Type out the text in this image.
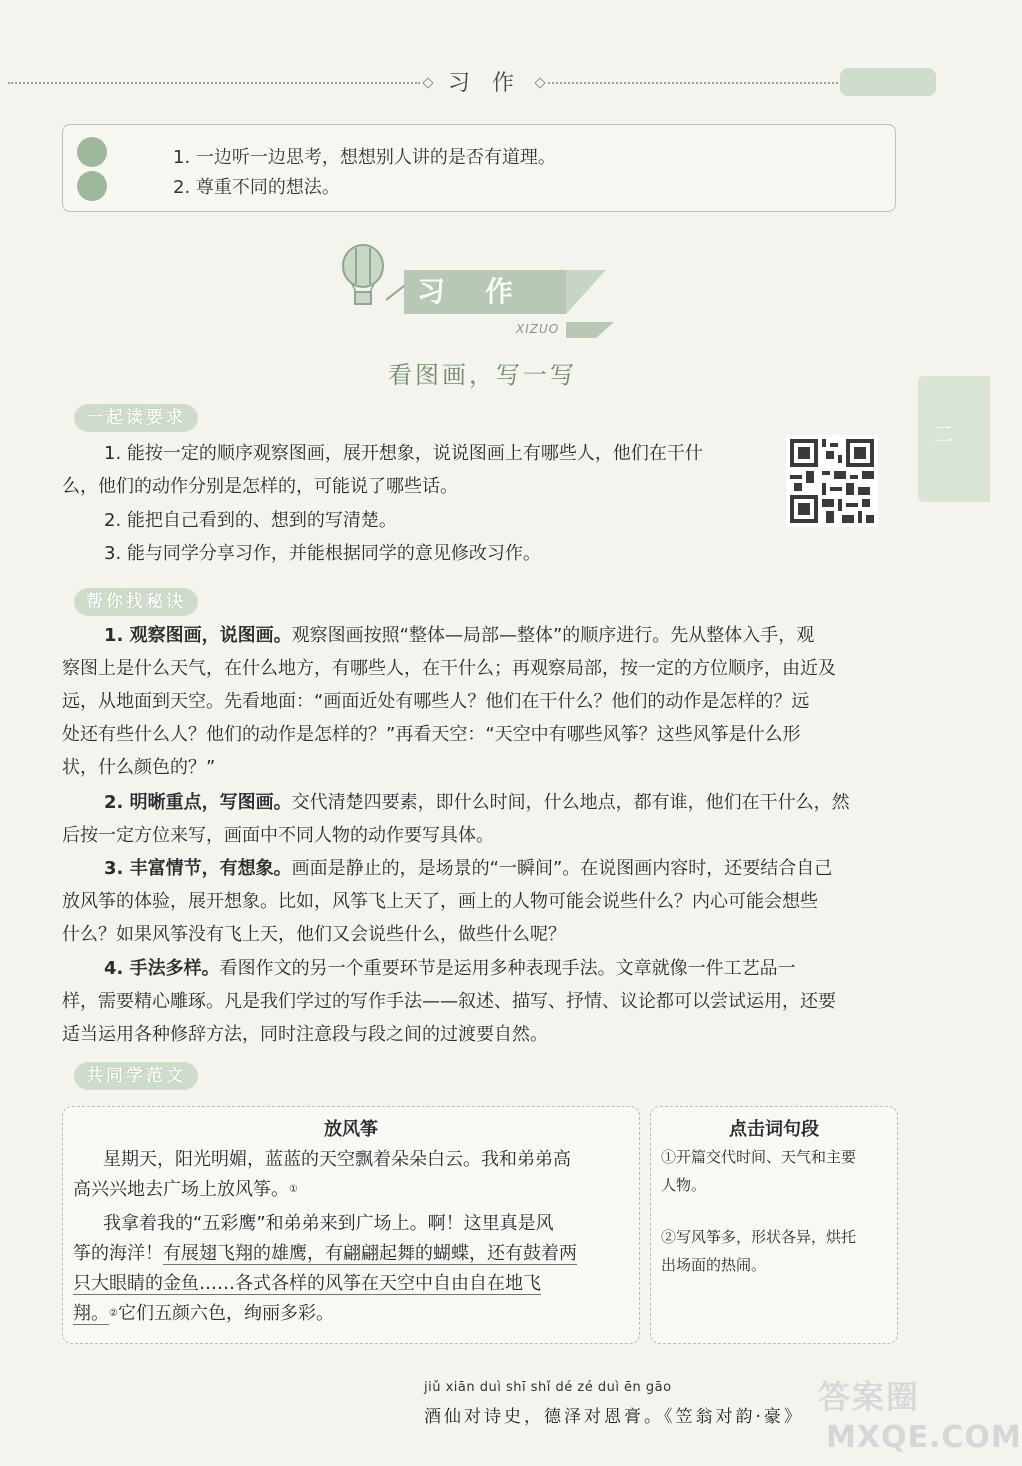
习作
1. 一边听一边思考，想想别人讲的是否有道理。
2. 尊重不同的想法。
习作
XIZUO
看图画，写一写
二
一起读要求
1. 能按一定的顺序观察图画，展开想象，说说图画上有哪些人，他们在干什
么，他们的动作分别是怎样的，可能说了哪些话。
2. 能把自己看到的、想到的写清楚。
3. 能与同学分享习作，并能根据同学的意见修改习作。
帮你找秘诀
1. 观察图画，说图画。观察图画按照“整体—局部—整体”的顺序进行。先从整体入手，观
察图上是什么天气，在什么地方，有哪些人，在干什么；再观察局部，按一定的方位顺序，由近及
远，从地面到天空。先看地面：“画面近处有哪些人？他们在干什么？他们的动作是怎样的？远
处还有些什么人？他们的动作是怎样的？”再看天空：“天空中有哪些风筝？这些风筝是什么形
状，什么颜色的？”
2. 明晰重点，写图画。交代清楚四要素，即什么时间，什么地点，都有谁，他们在干什么，然
后按一定方位来写，画面中不同人物的动作要写具体。
3. 丰富情节，有想象。画面是静止的，是场景的“一瞬间”。在说图画内容时，还要结合自己
放风筝的体验，展开想象。比如，风筝飞上天了，画上的人物可能会说些什么？内心可能会想些
什么？如果风筝没有飞上天，他们又会说些什么，做些什么呢？
4. 手法多样。看图作文的另一个重要环节是运用多种表现手法。文章就像一件工艺品一
样，需要精心雕琢。凡是我们学过的写作手法——叙述、描写、抒情、议论都可以尝试运用，还要
适当运用各种修辞方法，同时注意段与段之间的过渡要自然。
共同学范文
放风筝
星期天，阳光明媚，蓝蓝的天空飘着朵朵白云。我和弟弟高
高兴兴地去广场上放风筝。①
我拿着我的“五彩鹰”和弟弟来到广场上。啊！这里真是风
筝的海洋！有展翅飞翔的雄鹰，有翩翩起舞的蝴蝶，还有鼓着两
只大眼睛的金鱼……各式各样的风筝在天空中自由自在地飞
翔。②它们五颜六色，绚丽多彩。
点击词句段
①开篇交代时间、天气和主要
人物。
②写风筝多，形状各异，烘托
出场面的热闹。
jiǔ xiān duì shī shǐ dé zé duì ēn gāo
酒仙对诗史，德泽对恩膏。《笠翁对韵·豪》
答案圈
MXQE.COM
